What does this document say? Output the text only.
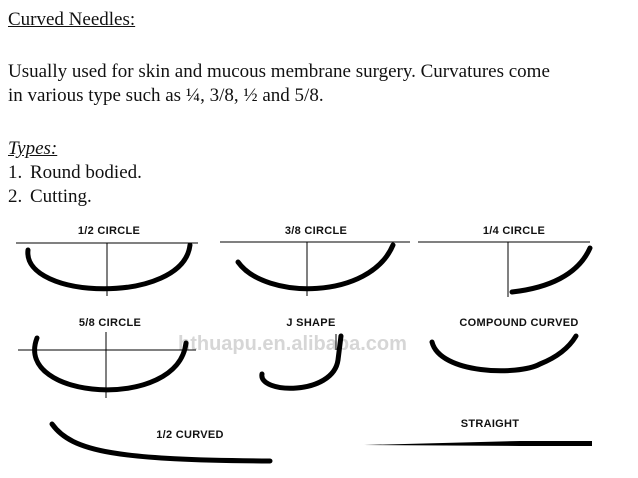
Curved Needles:
Usually used for skin and mucous membrane surgery. Curvatures come
in various type such as ¼, 3/8, ½ and 5/8.
Types:
1. Round bodied.
2. Cutting.
hthuapu.en.alibaba.com
1/2 CIRCLE	3/8 CIRCLE	1/4 CIRCLE
5/8 CIRCLE	J SHAPE	COMPOUND CURVED
1/2 CURVED
STRAIGHT
